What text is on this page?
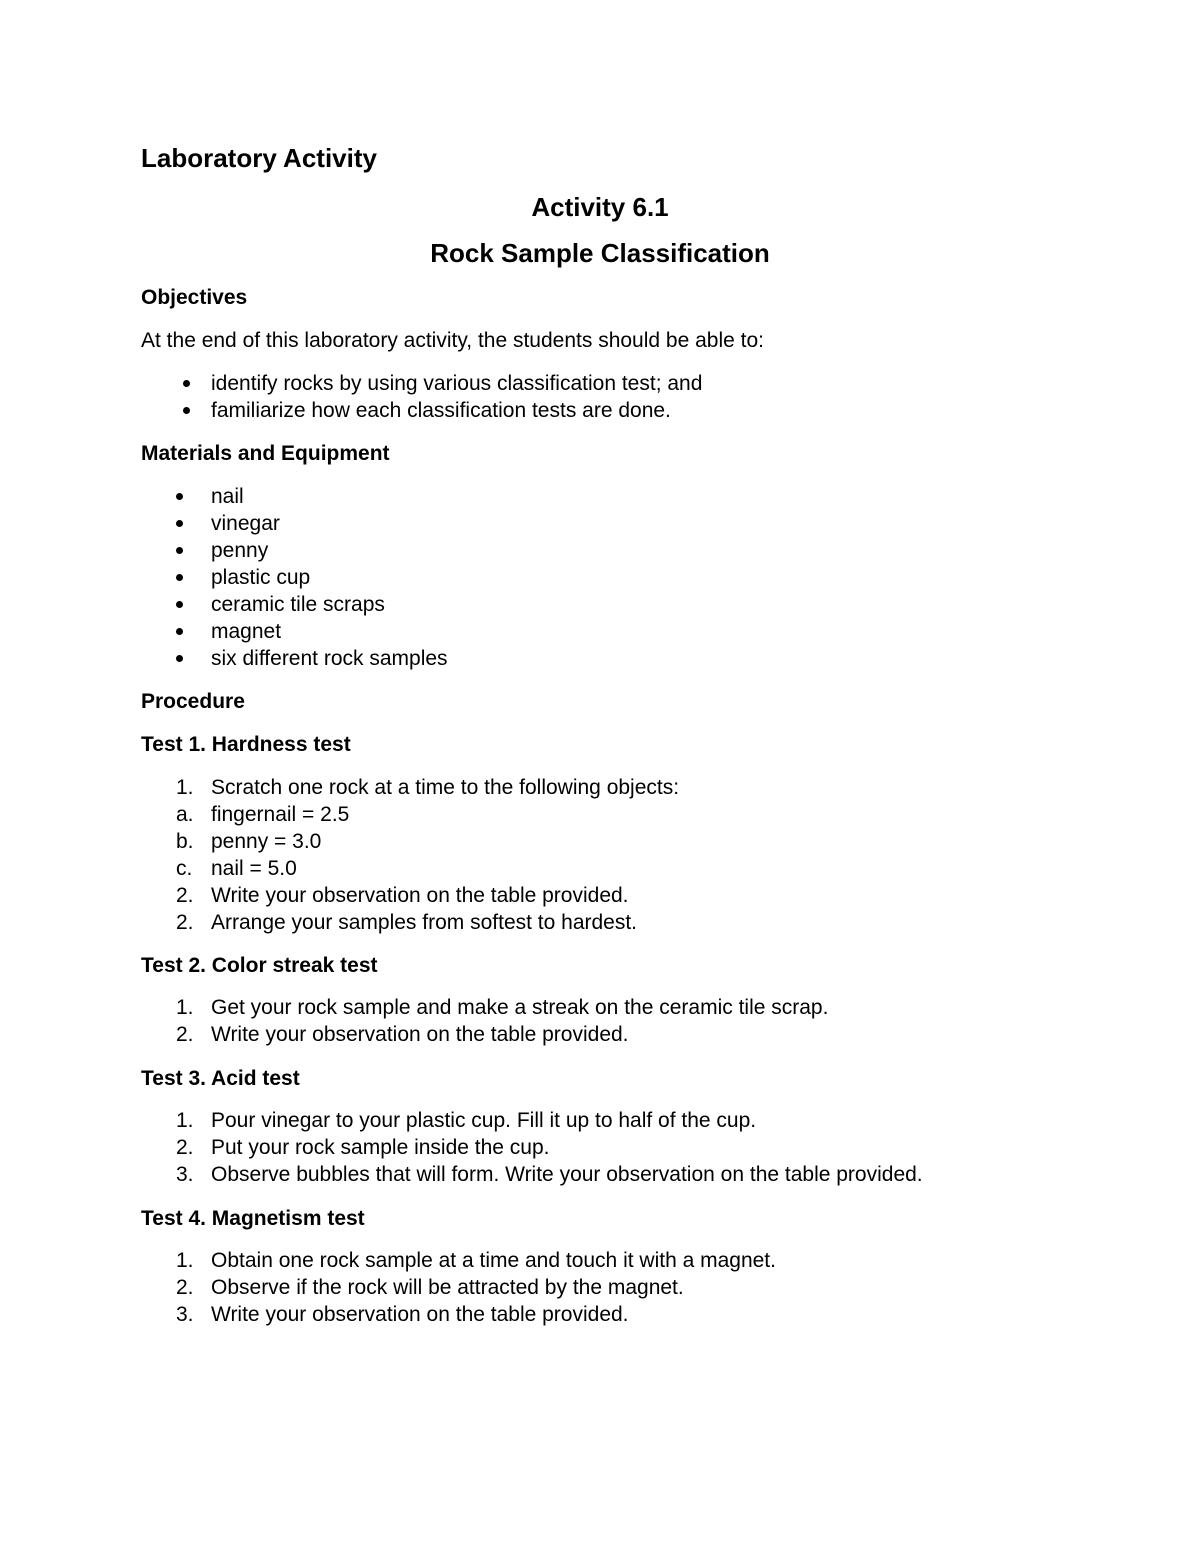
Laboratory Activity
Activity 6.1
Rock Sample Classification
Objectives
At the end of this laboratory activity, the students should be able to:
identify rocks by using various classification test; and
familiarize how each classification tests are done.
Materials and Equipment
nail
vinegar
penny
plastic cup
ceramic tile scraps
magnet
six different rock samples
Procedure
Test 1. Hardness test
1. Scratch one rock at a time to the following objects:
a. fingernail = 2.5
b. penny = 3.0
c. nail = 5.0
2. Write your observation on the table provided.
2. Arrange your samples from softest to hardest.
Test 2. Color streak test
1. Get your rock sample and make a streak on the ceramic tile scrap.
2. Write your observation on the table provided.
Test 3. Acid test
1. Pour vinegar to your plastic cup. Fill it up to half of the cup.
2. Put your rock sample inside the cup.
3. Observe bubbles that will form. Write your observation on the table provided.
Test 4. Magnetism test
1. Obtain one rock sample at a time and touch it with a magnet.
2. Observe if the rock will be attracted by the magnet.
3. Write your observation on the table provided.
